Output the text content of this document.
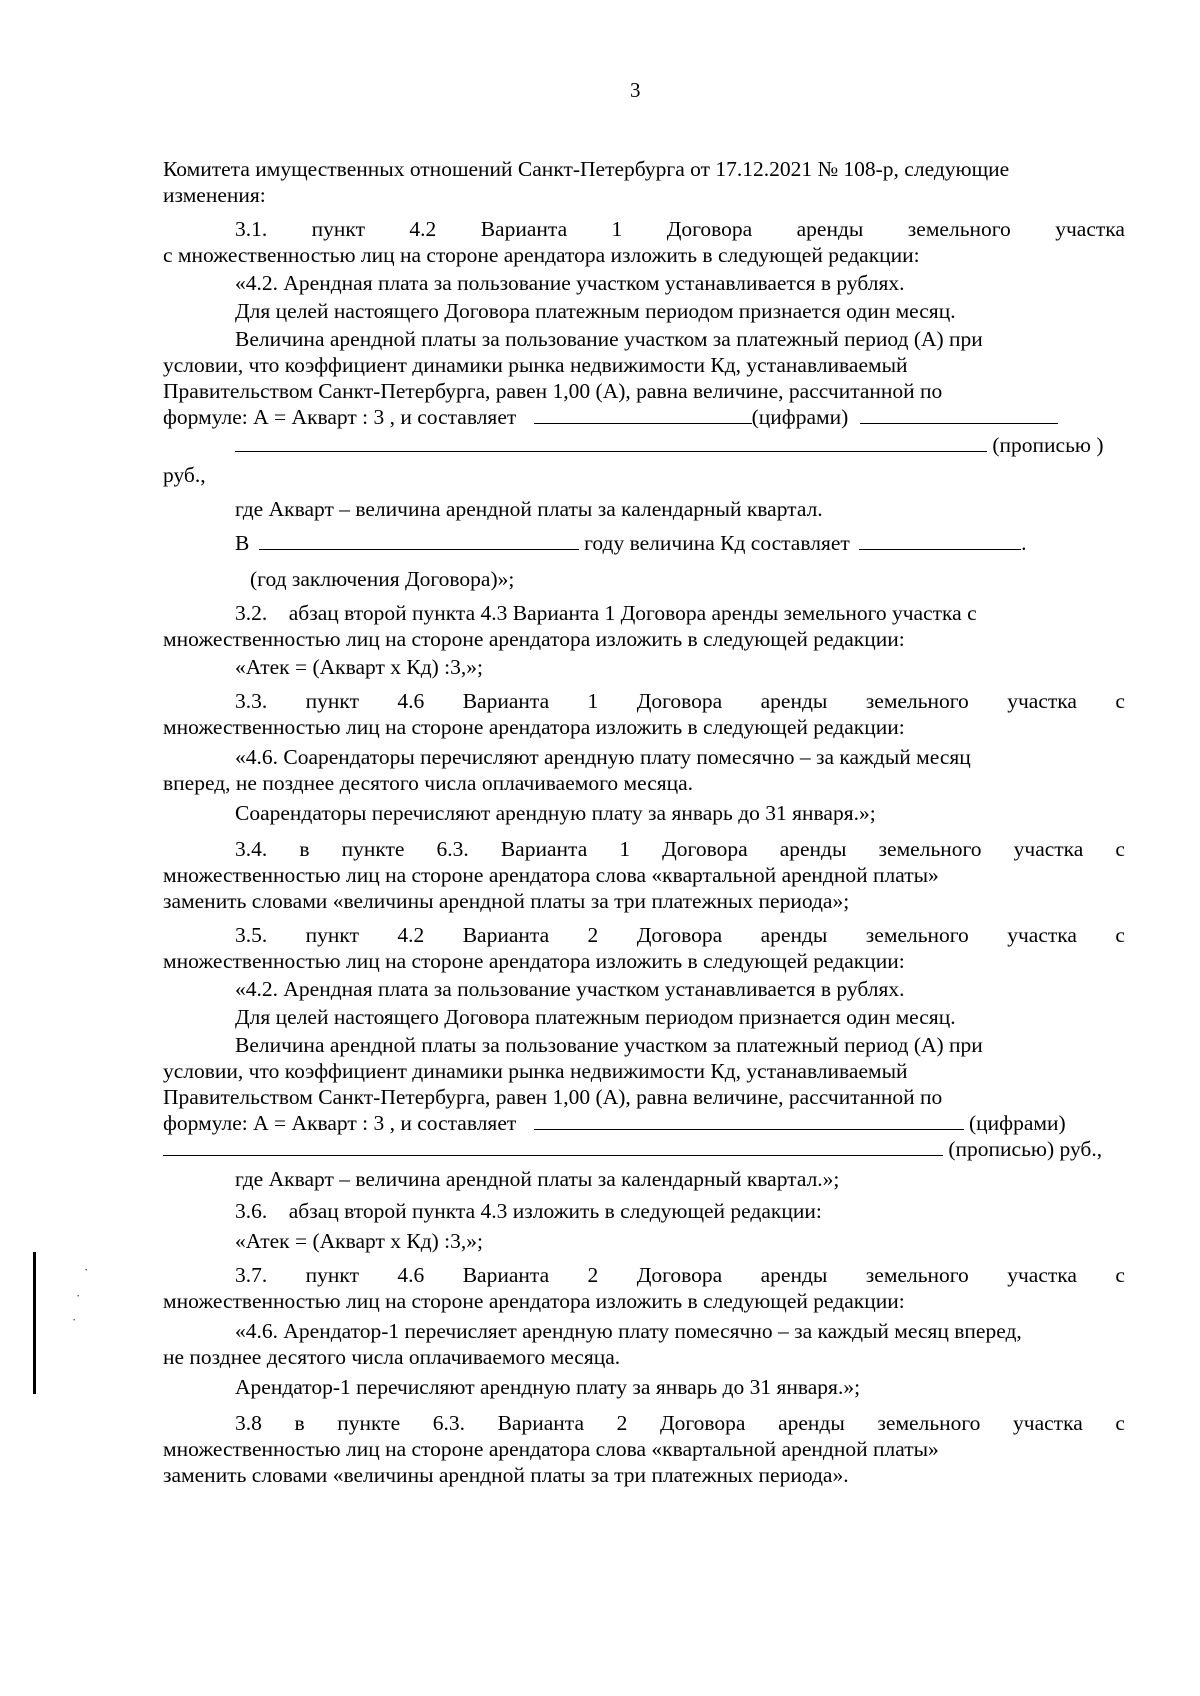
3
Комитета имущественных отношений Санкт-Петербурга от 17.12.2021 № 108-р, следующие
изменения:
3.1. пункт 4.2 Варианта 1 Договора аренды земельного участка
с множественностью лиц на стороне арендатора изложить в следующей редакции:
«4.2. Арендная плата за пользование участком устанавливается в рублях.
Для целей настоящего Договора платежным периодом признается один месяц.
Величина арендной платы за пользование участком за платежный период (А) при
условии, что коэффициент динамики рынка недвижимости Кд, устанавливаемый
Правительством Санкт-Петербурга, равен 1,00 (А), равна величине, рассчитанной по
формуле: А = Акварт : 3 , и составляет	(цифрами)
(прописью )
руб.,
где Акварт – величина арендной платы за календарный квартал.
В	году величина Кд составляет	.
(год заключения Договора)»;
3.2.    абзац второй пункта 4.3 Варианта 1 Договора аренды земельного участка с
множественностью лиц на стороне арендатора изложить в следующей редакции:
«Атек = (Акварт х Кд) :3,»;
3.3. пункт 4.6 Варианта 1 Договора аренды земельного участка с
множественностью лиц на стороне арендатора изложить в следующей редакции:
«4.6. Соарендаторы перечисляют арендную плату помесячно – за каждый месяц
вперед, не позднее десятого числа оплачиваемого месяца.
Соарендаторы перечисляют арендную плату за январь до 31 января.»;
3.4. в пункте 6.3. Варианта 1 Договора аренды земельного участка с
множественностью лиц на стороне арендатора слова «квартальной арендной платы»
заменить словами «величины арендной платы за три платежных периода»;
3.5. пункт 4.2 Варианта 2 Договора аренды земельного участка с
множественностью лиц на стороне арендатора изложить в следующей редакции:
«4.2. Арендная плата за пользование участком устанавливается в рублях.
Для целей настоящего Договора платежным периодом признается один месяц.
Величина арендной платы за пользование участком за платежный период (А) при
условии, что коэффициент динамики рынка недвижимости Кд, устанавливаемый
Правительством Санкт-Петербурга, равен 1,00 (А), равна величине, рассчитанной по
формуле: А = Акварт : 3 , и составляет	(цифрами)
(прописью) руб.,
где Акварт – величина арендной платы за календарный квартал.»;
3.6.    абзац второй пункта 4.3 изложить в следующей редакции:
«Атек = (Акварт х Кд) :3,»;
3.7. пункт 4.6 Варианта 2 Договора аренды земельного участка с
множественностью лиц на стороне арендатора изложить в следующей редакции:
«4.6. Арендатор-1 перечисляет арендную плату помесячно – за каждый месяц вперед,
не позднее десятого числа оплачиваемого месяца.
Арендатор-1 перечисляют арендную плату за январь до 31 января.»;
3.8 в пункте 6.3. Варианта 2 Договора аренды земельного участка с
множественностью лиц на стороне арендатора слова «квартальной арендной платы»
заменить словами «величины арендной платы за три платежных периода».
·
·
·
